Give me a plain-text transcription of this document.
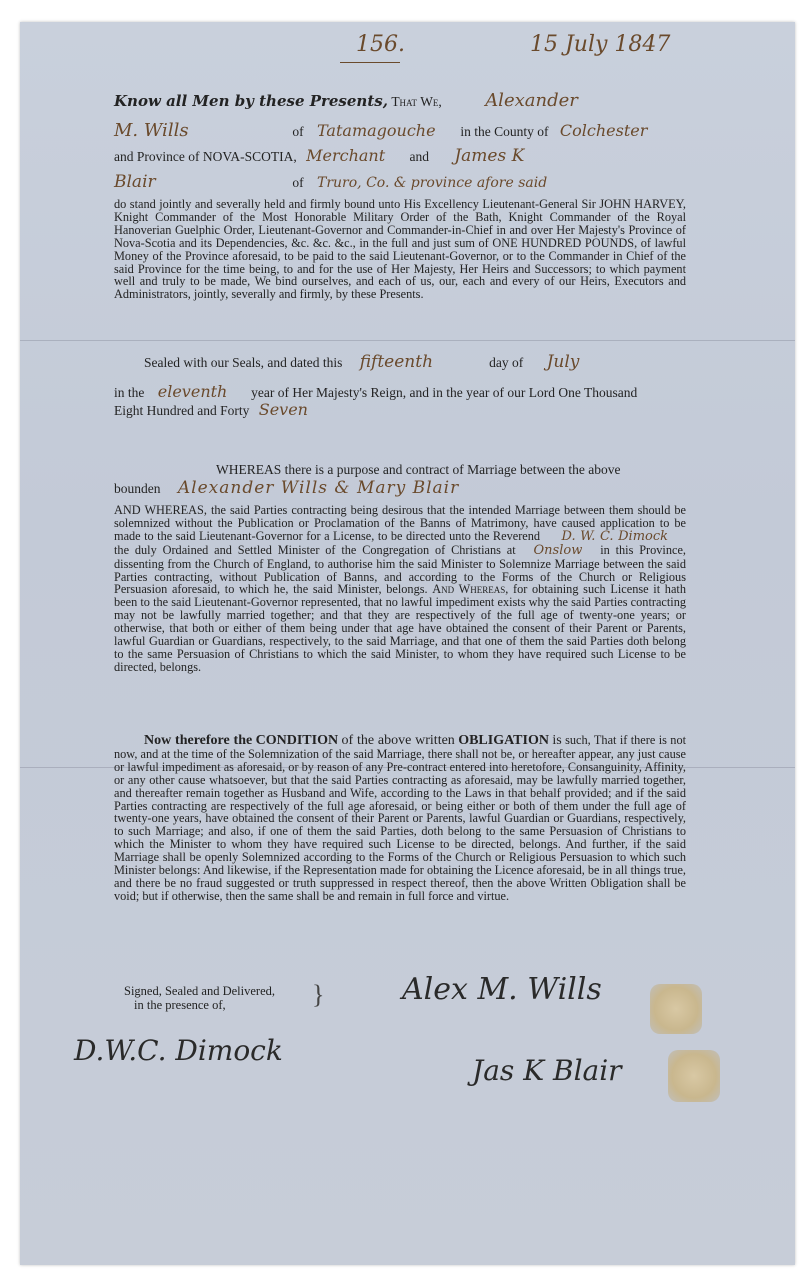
156.	15 July 1847
Know all Men by these Presents, That We, Alexander
M. Wills	of Tatamagouche in the County of Colchester
and Province of NOVA-SCOTIA, Merchant and James K
Blair	of Truro, Co. & province afore said
do stand jointly and severally held and firmly bound unto His Excellency Lieutenant-General Sir JOHN HARVEY, Knight Commander of the Most Honorable Military Order of the Bath, Knight Commander of the Royal Hanoverian Guelphic Order, Lieutenant-Governor and Commander-in-Chief in and over Her Majesty's Province of Nova-Scotia and its Dependencies, &c. &c. &c., in the full and just sum of ONE HUNDRED POUNDS, of lawful Money of the Province aforesaid, to be paid to the said Lieutenant-Governor, or to the Commander in Chief of the said Province for the time being, to and for the use of Her Majesty, Her Heirs and Successors; to which payment well and truly to be made, We bind ourselves, and each of us, our, each and every of our Heirs, Executors and Administrators, jointly, severally and firmly, by these Presents.
Sealed with our Seals, and dated this fifteenth	day of July
in the eleventh year of Her Majesty's Reign, and in the year of our Lord One Thousand
Eight Hundred and Forty Seven
WHEREAS there is a purpose and contract of Marriage between the above
bounden Alexander Wills & Mary Blair
AND WHEREAS, the said Parties contracting being desirous that the intended Marriage between them should be solemnized without the Publication or Proclamation of the Banns of Matrimony, have caused application to be made to the said Lieutenant-Governor for a License, to be directed unto the Reverend D. W. C. Dimock the duly Ordained and Settled Minister of the Congregation of Christians at Onslow in this Province, dissenting from the Church of England, to authorise him the said Minister to Solemnize Marriage between the said Parties contracting, without Publication of Banns, and according to the Forms of the Church or Religious Persuasion aforesaid, to which he, the said Minister, belongs. And Whereas, for obtaining such License it hath been to the said Lieutenant-Governor represented, that no lawful impediment exists why the said Parties contracting may not be lawfully married together; and that they are respectively of the full age of twenty-one years; or otherwise, that both or either of them being under that age have obtained the consent of their Parent or Parents, lawful Guardian or Guardians, respectively, to the said Marriage, and that one of them the said Parties doth belong to the same Persuasion of Christians to which the said Minister, to whom they have required such License to be directed, belongs.
Now therefore the CONDITION of the above written OBLIGATION is such, That if there is not now, and at the time of the Solemnization of the said Marriage, there shall not be, or hereafter appear, any just cause or lawful impediment as aforesaid, or by reason of any Pre-contract entered into heretofore, Consanguinity, Affinity, or any other cause whatsoever, but that the said Parties contracting as aforesaid, may be lawfully married together, and thereafter remain together as Husband and Wife, according to the Laws in that behalf provided; and if the said Parties contracting are respectively of the full age aforesaid, or being either or both of them under the full age of twenty-one years, have obtained the consent of their Parent or Parents, lawful Guardian or Guardians, respectively, to such Marriage; and also, if one of them the said Parties, doth belong to the same Persuasion of Christians to which the Minister to whom they have required such License to be directed, belongs. And further, if the said Marriage shall be openly Solemnized according to the Forms of the Church or Religious Persuasion to which such Minister belongs: And likewise, if the Representation made for obtaining the Licence aforesaid, be in all things true, and there be no fraud suggested or truth suppressed in respect thereof, then the above Written Obligation shall be void; but if otherwise, then the same shall be and remain in full force and virtue.
Signed, Sealed and Delivered,
in the presence of,	}	Alex M. Wills
D.W.C. Dimock
Jas K Blair
